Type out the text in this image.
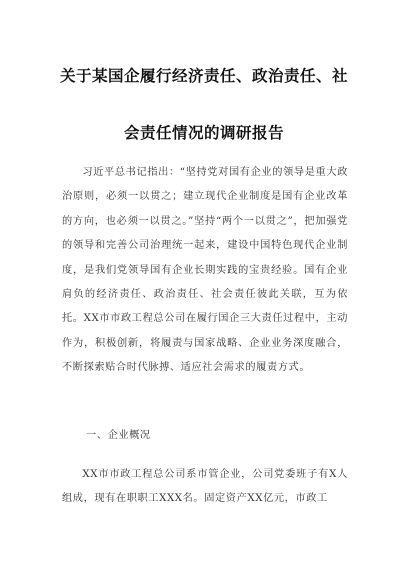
关于某国企履行经济责任、政治责任、社
会责任情况的调研报告
习近平总书记指出：“坚持党对国有企业的领导是重大政治原则，必须一以贯之；建立现代企业制度是国有企业改革的方向，也必须一以贯之。”坚持“两个一以贯之”，把加强党的领导和完善公司治理统一起来，建设中国特色现代企业制度，是我们党领导国有企业长期实践的宝贵经验。国有企业肩负的经济责任、政治责任、社会责任彼此关联，互为依托。XX市市政工程总公司在履行国企三大责任过程中，主动作为，积极创新，将履责与国家战略、企业业务深度融合，不断探索贴合时代脉搏、适应社会需求的履责方式。
一、企业概况
XX市市政工程总公司系市管企业，公司党委班子有X人组成，现有在职职工XXX名。固定资产XX亿元，市政工
